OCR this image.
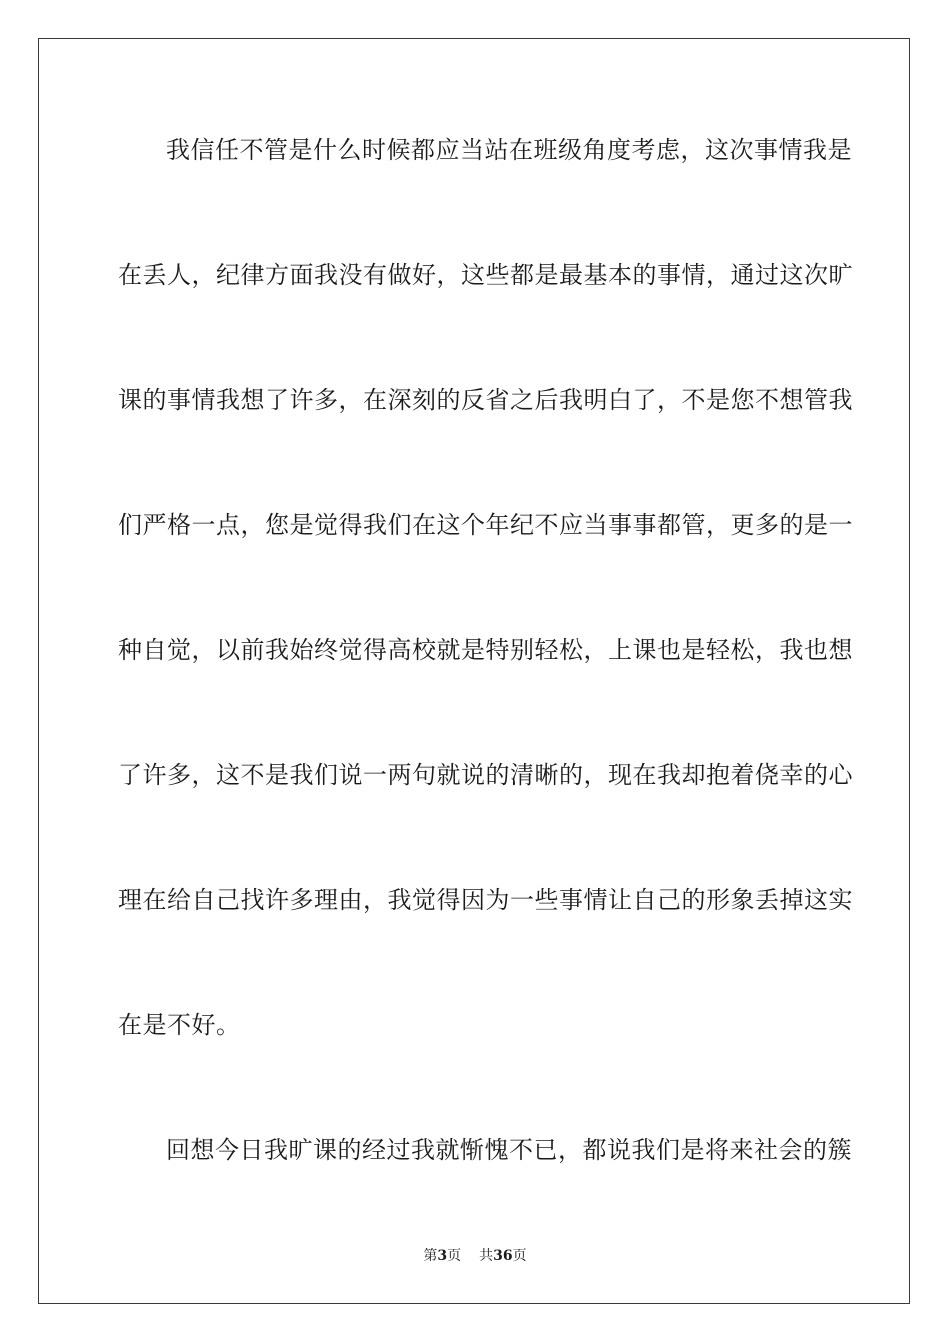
我信任不管是什么时候都应当站在班级角度考虑，这次事情我是
在丢人，纪律方面我没有做好，这些都是最基本的事情，通过这次旷
课的事情我想了许多，在深刻的反省之后我明白了，不是您不想管我
们严格一点，您是觉得我们在这个年纪不应当事事都管，更多的是一
种自觉，以前我始终觉得高校就是特别轻松，上课也是轻松，我也想
了许多，这不是我们说一两句就说的清晰的，现在我却抱着侥幸的心
理在给自己找许多理由，我觉得因为一些事情让自己的形象丢掉这实
在是不好。
回想今日我旷课的经过我就惭愧不已，都说我们是将来社会的簇
第3页 共36页
